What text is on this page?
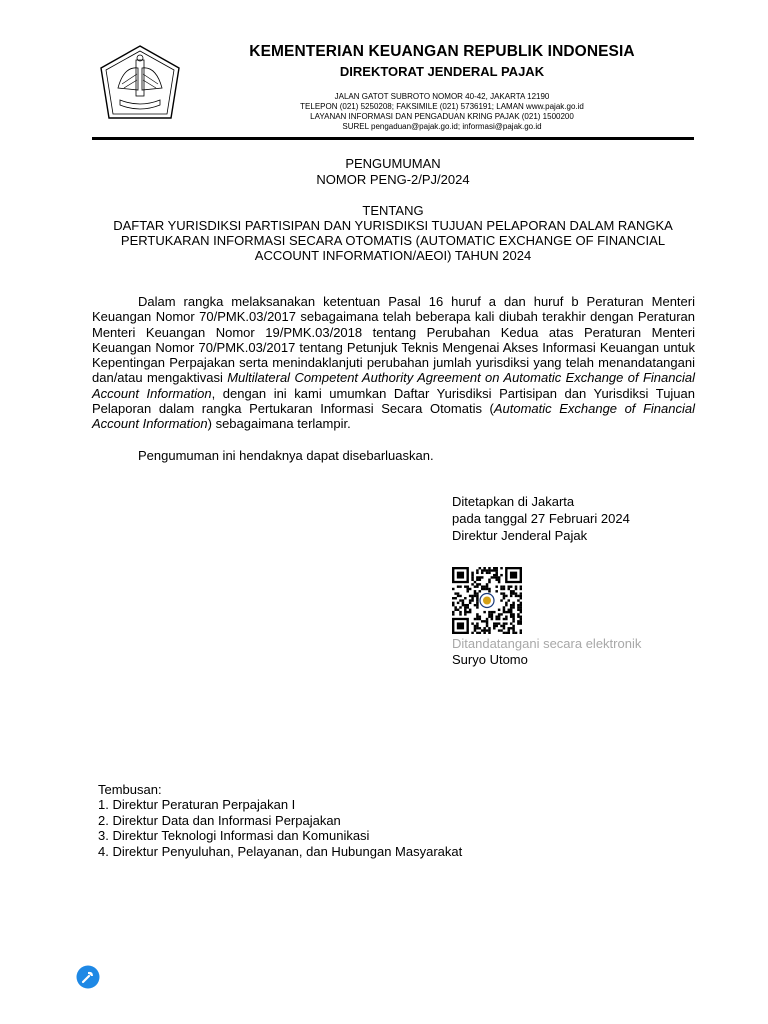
KEMENTERIAN KEUANGAN REPUBLIK INDONESIA

DIREKTORAT JENDERAL PAJAK

JALAN GATOT SUBROTO NOMOR 40-42, JAKARTA 12190

TELEPON (021) 5250208; FAKSIMILE (021) 5736191; LAMAN www.pajak.go.id

LAYANAN INFORMASI DAN PENGADUAN KRING PAJAK (021) 1500200

SUREL pengaduan@pajak.go.id; informasi@pajak.go.id

PENGUMUMAN
NOMOR PENG-2/PJ/2024
TENTANG
DAFTAR YURISDIKSI PARTISIPAN DAN YURISDIKSI TUJUAN PELAPORAN DALAM RANGKA PERTUKARAN INFORMASI SECARA OTOMATIS (AUTOMATIC EXCHANGE OF FINANCIAL ACCOUNT INFORMATION/AEOI) TAHUN 2024

Dalam rangka melaksanakan ketentuan Pasal 16 huruf a dan huruf b Peraturan Menteri Keuangan Nomor 70/PMK.03/2017 sebagaimana telah beberapa kali diubah terakhir dengan Peraturan Menteri Keuangan Nomor 19/PMK.03/2018 tentang Perubahan Kedua atas Peraturan Menteri Keuangan Nomor 70/PMK.03/2017 tentang Petunjuk Teknis Mengenai Akses Informasi Keuangan untuk Kepentingan Perpajakan serta menindaklanjuti perubahan jumlah yurisdiksi yang telah menandatangani dan/atau mengaktivasi Multilateral Competent Authority Agreement on Automatic Exchange of Financial Account Information, dengan ini kami umumkan Daftar Yurisdiksi Partisipan dan Yurisdiksi Tujuan Pelaporan dalam rangka Pertukaran Informasi Secara Otomatis (Automatic Exchange of Financial Account Information) sebagaimana terlampir.

Pengumuman ini hendaknya dapat disebarluaskan.

Ditetapkan di Jakarta
pada tanggal 27 Februari 2024
Direktur Jenderal Pajak
Ditandatangani secara elektronik
Suryo Utomo

Tembusan:

1. Direktur Peraturan Perpajakan I
2. Direktur Data dan Informasi Perpajakan
3. Direktur Teknologi Informasi dan Komunikasi
4. Direktur Penyuluhan, Pelayanan, dan Hubungan Masyarakat
